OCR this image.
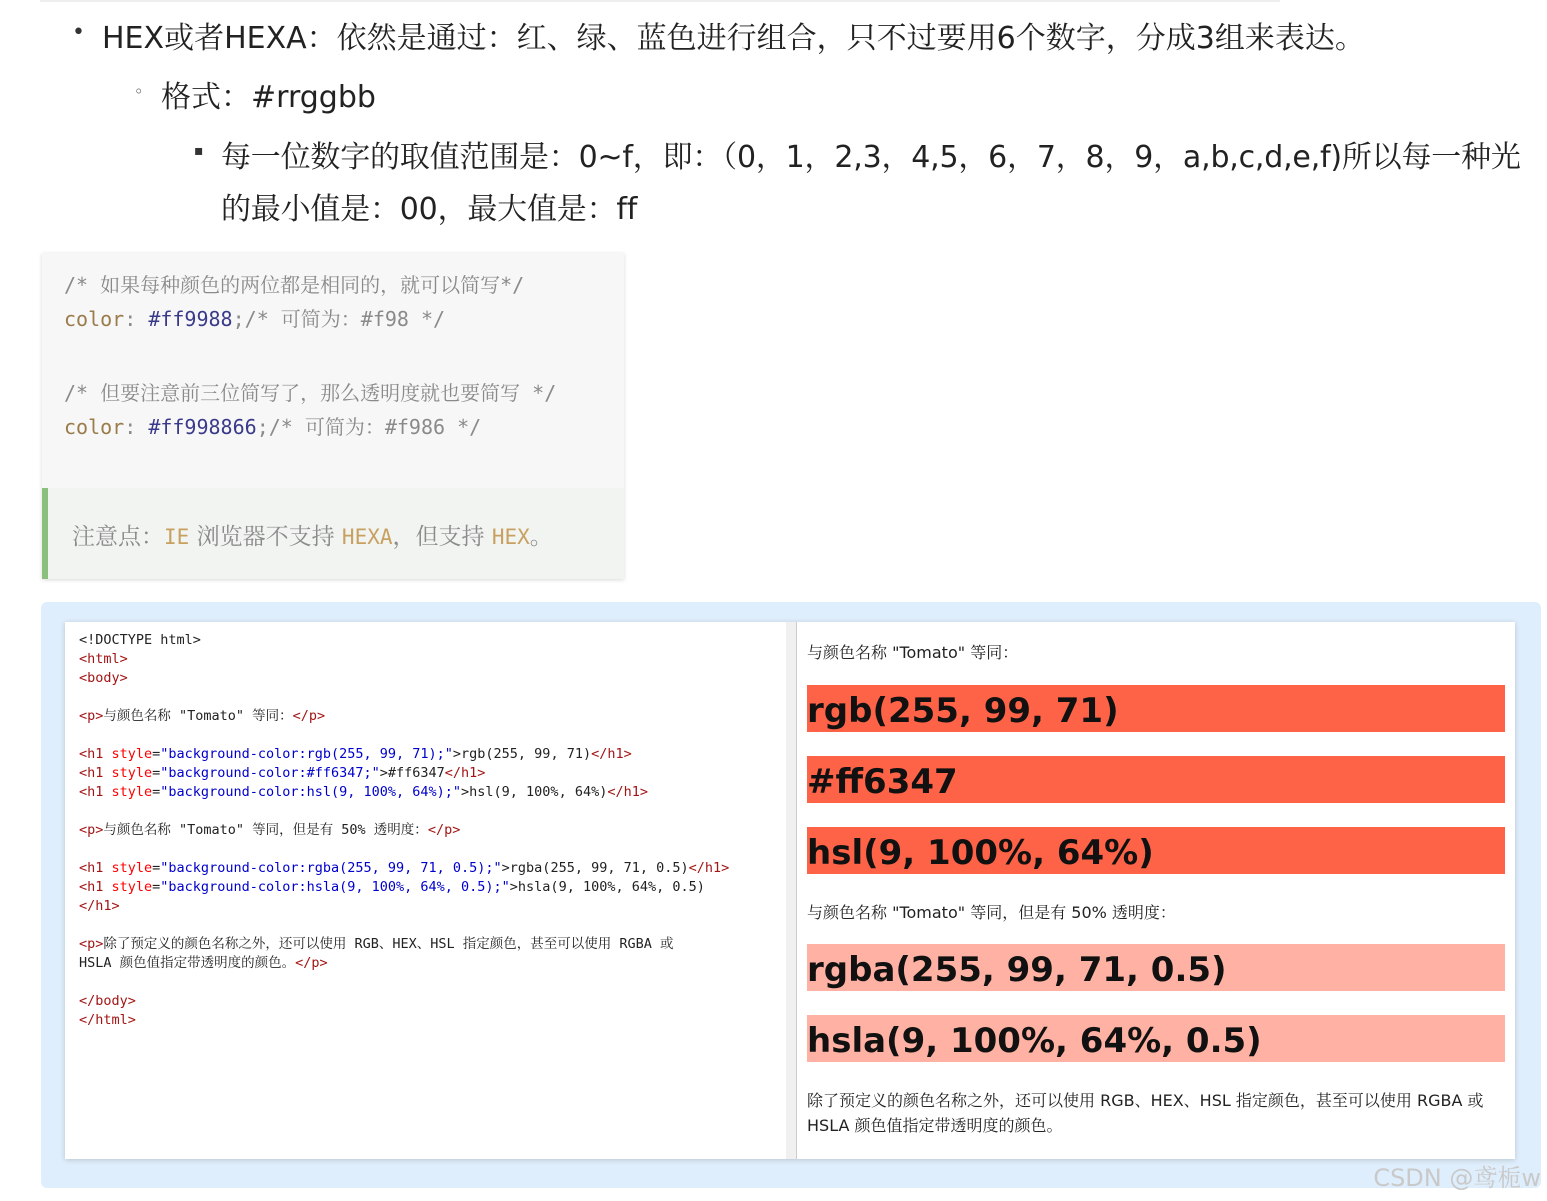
• HEX或者HEXA：依然是通过：红、绿、蓝色进行组合，只不过要用6个数字，分成3组来表达。
◦ 格式：#rrggbb
▪ 每一位数字的取值范围是：0~f，即：（0，1，2,3，4,5，6，7，8，9，a,b,c,d,e,f)所以每一种光的最小值是：00，最大值是：ff
/* 如果每种颜色的两位都是相同的，就可以简写*/
color: #ff9988;/* 可简为：#f98 */
/* 但要注意前三位简写了，那么透明度就也要简写 */
color: #ff998866;/* 可简为：#f986 */
注意点：IE 浏览器不支持 HEXA，但支持 HEX。
<!DOCTYPE html>
<html>
<body>

<p>与颜色名称 "Tomato" 等同：</p>

<h1 style="background-color:rgb(255, 99, 71);">rgb(255, 99, 71)</h1>
<h1 style="background-color:#ff6347;">#ff6347</h1>
<h1 style="background-color:hsl(9, 100%, 64%);">hsl(9, 100%, 64%)</h1>

<p>与颜色名称 "Tomato" 等同，但是有 50% 透明度：</p>

<h1 style="background-color:rgba(255, 99, 71, 0.5);">rgba(255, 99, 71, 0.5)</h1>
<h1 style="background-color:hsla(9, 100%, 64%, 0.5);">hsla(9, 100%, 64%, 0.5)
</h1>

<p>除了预定义的颜色名称之外，还可以使用 RGB、HEX、HSL 指定颜色，甚至可以使用 RGBA 或
HSLA 颜色值指定带透明度的颜色。</p>

</body>
</html>
与颜色名称 "Tomato" 等同：
rgb(255, 99, 71)
#ff6347
hsl(9, 100%, 64%)
与颜色名称 "Tomato" 等同，但是有 50% 透明度：
rgba(255, 99, 71, 0.5)
hsla(9, 100%, 64%, 0.5)
除了预定义的颜色名称之外，还可以使用 RGB、HEX、HSL 指定颜色，甚至可以使用 RGBA 或 HSLA 颜色值指定带透明度的颜色。
CSDN @鸢栀w
